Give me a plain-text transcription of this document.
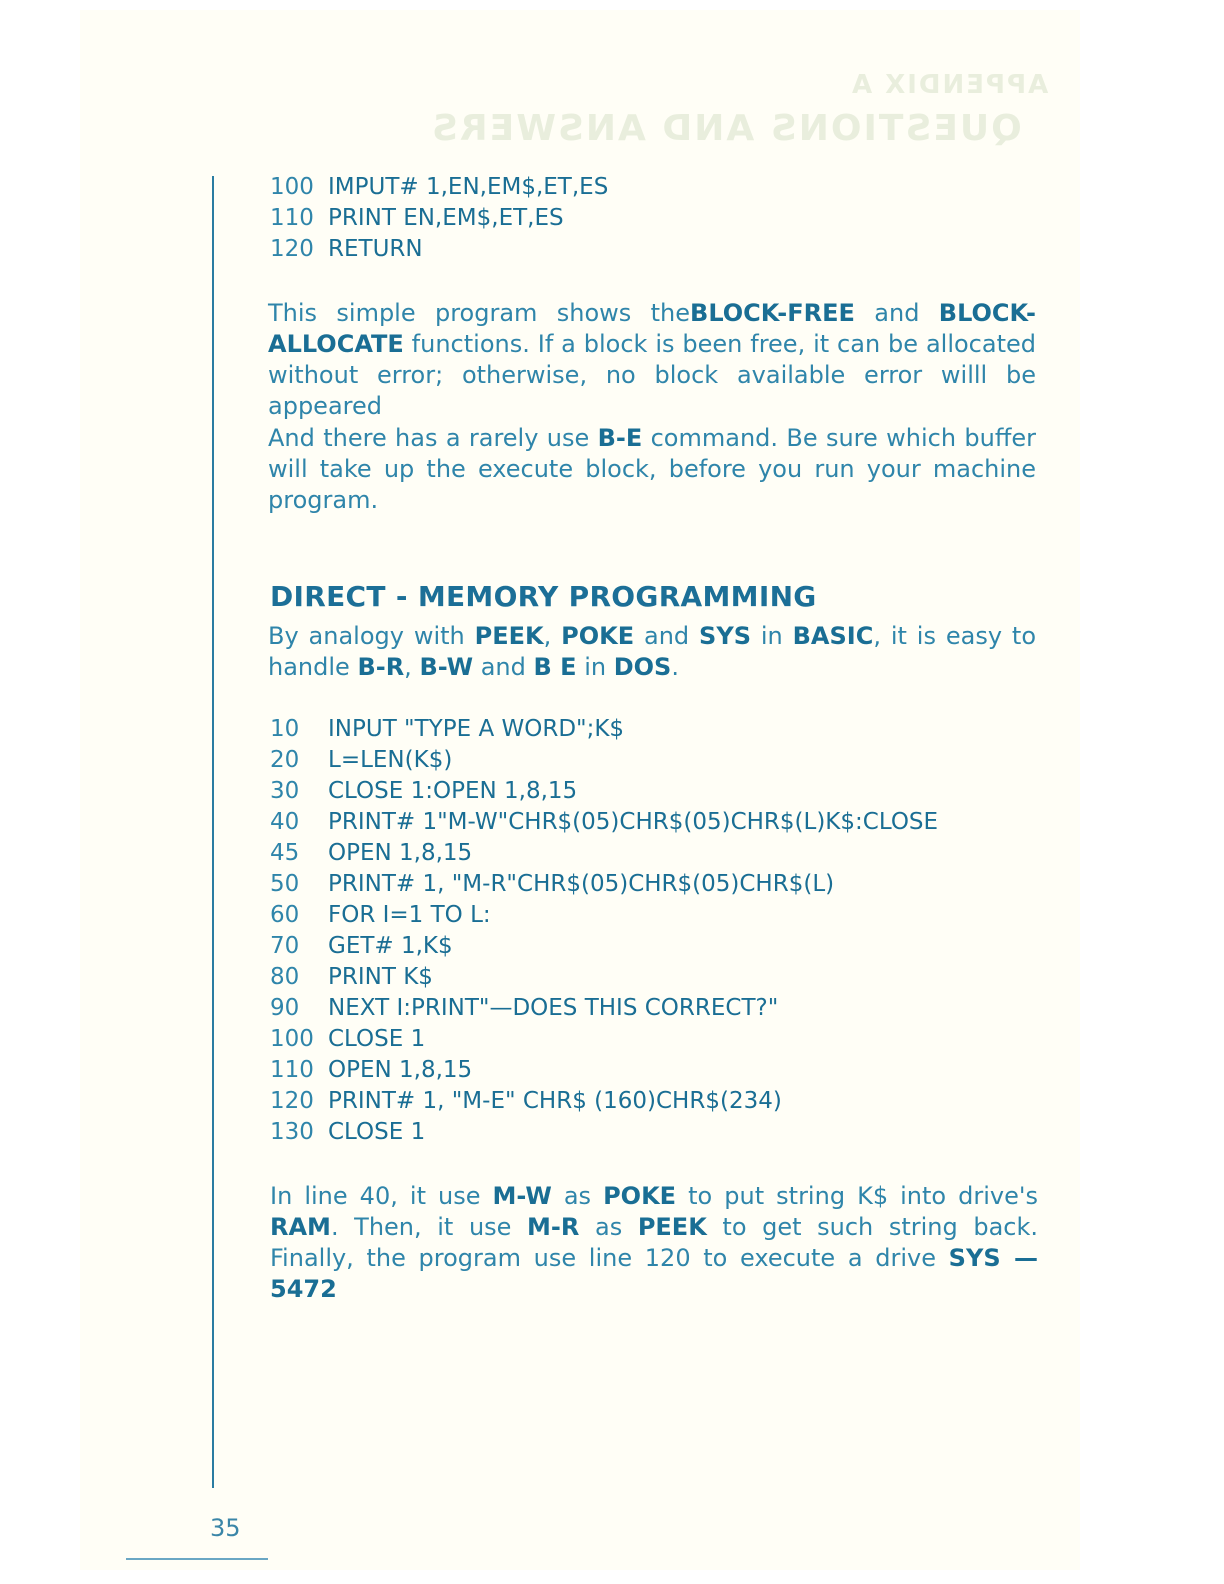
APPENDIX A
QUESTIONS AND ANSWERS
100 IMPUT# 1,EN,EM$,ET,ES
110 PRINT EN,EM$,ET,ES
120 RETURN

This simple program shows theBLOCK-FREE and BLOCK-ALLOCATE functions. If a block is been free, it can be allocated without error; otherwise, no block available error willl be appeared

And there has a rarely use B-E command. Be sure which buffer will take up the execute block, before you run your machine program.

DIRECT - MEMORY PROGRAMMING

By analogy with PEEK, POKE and SYS in BASIC, it is easy to handle B-R, B-W and B E in DOS.

10 INPUT "TYPE A WORD";K$
20 L=LEN(K$)
30 CLOSE 1:OPEN 1,8,15
40 PRINT# 1"M-W"CHR$(05)CHR$(05)CHR$(L)K$:CLOSE
45 OPEN 1,8,15
50 PRINT# 1, "M-R"CHR$(05)CHR$(05)CHR$(L)
60 FOR I=1 TO L:
70 GET# 1,K$
80 PRINT K$
90 NEXT I:PRINT"—DOES THIS CORRECT?"
100 CLOSE 1
110 OPEN 1,8,15
120 PRINT# 1, "M-E" CHR$ (160)CHR$(234)
130 CLOSE 1

In line 40, it use M-W as POKE to put string K$ into drive's RAM. Then, it use M-R as PEEK to get such string back. Finally, the program use line 120 to execute a drive SYS — 5472

35
